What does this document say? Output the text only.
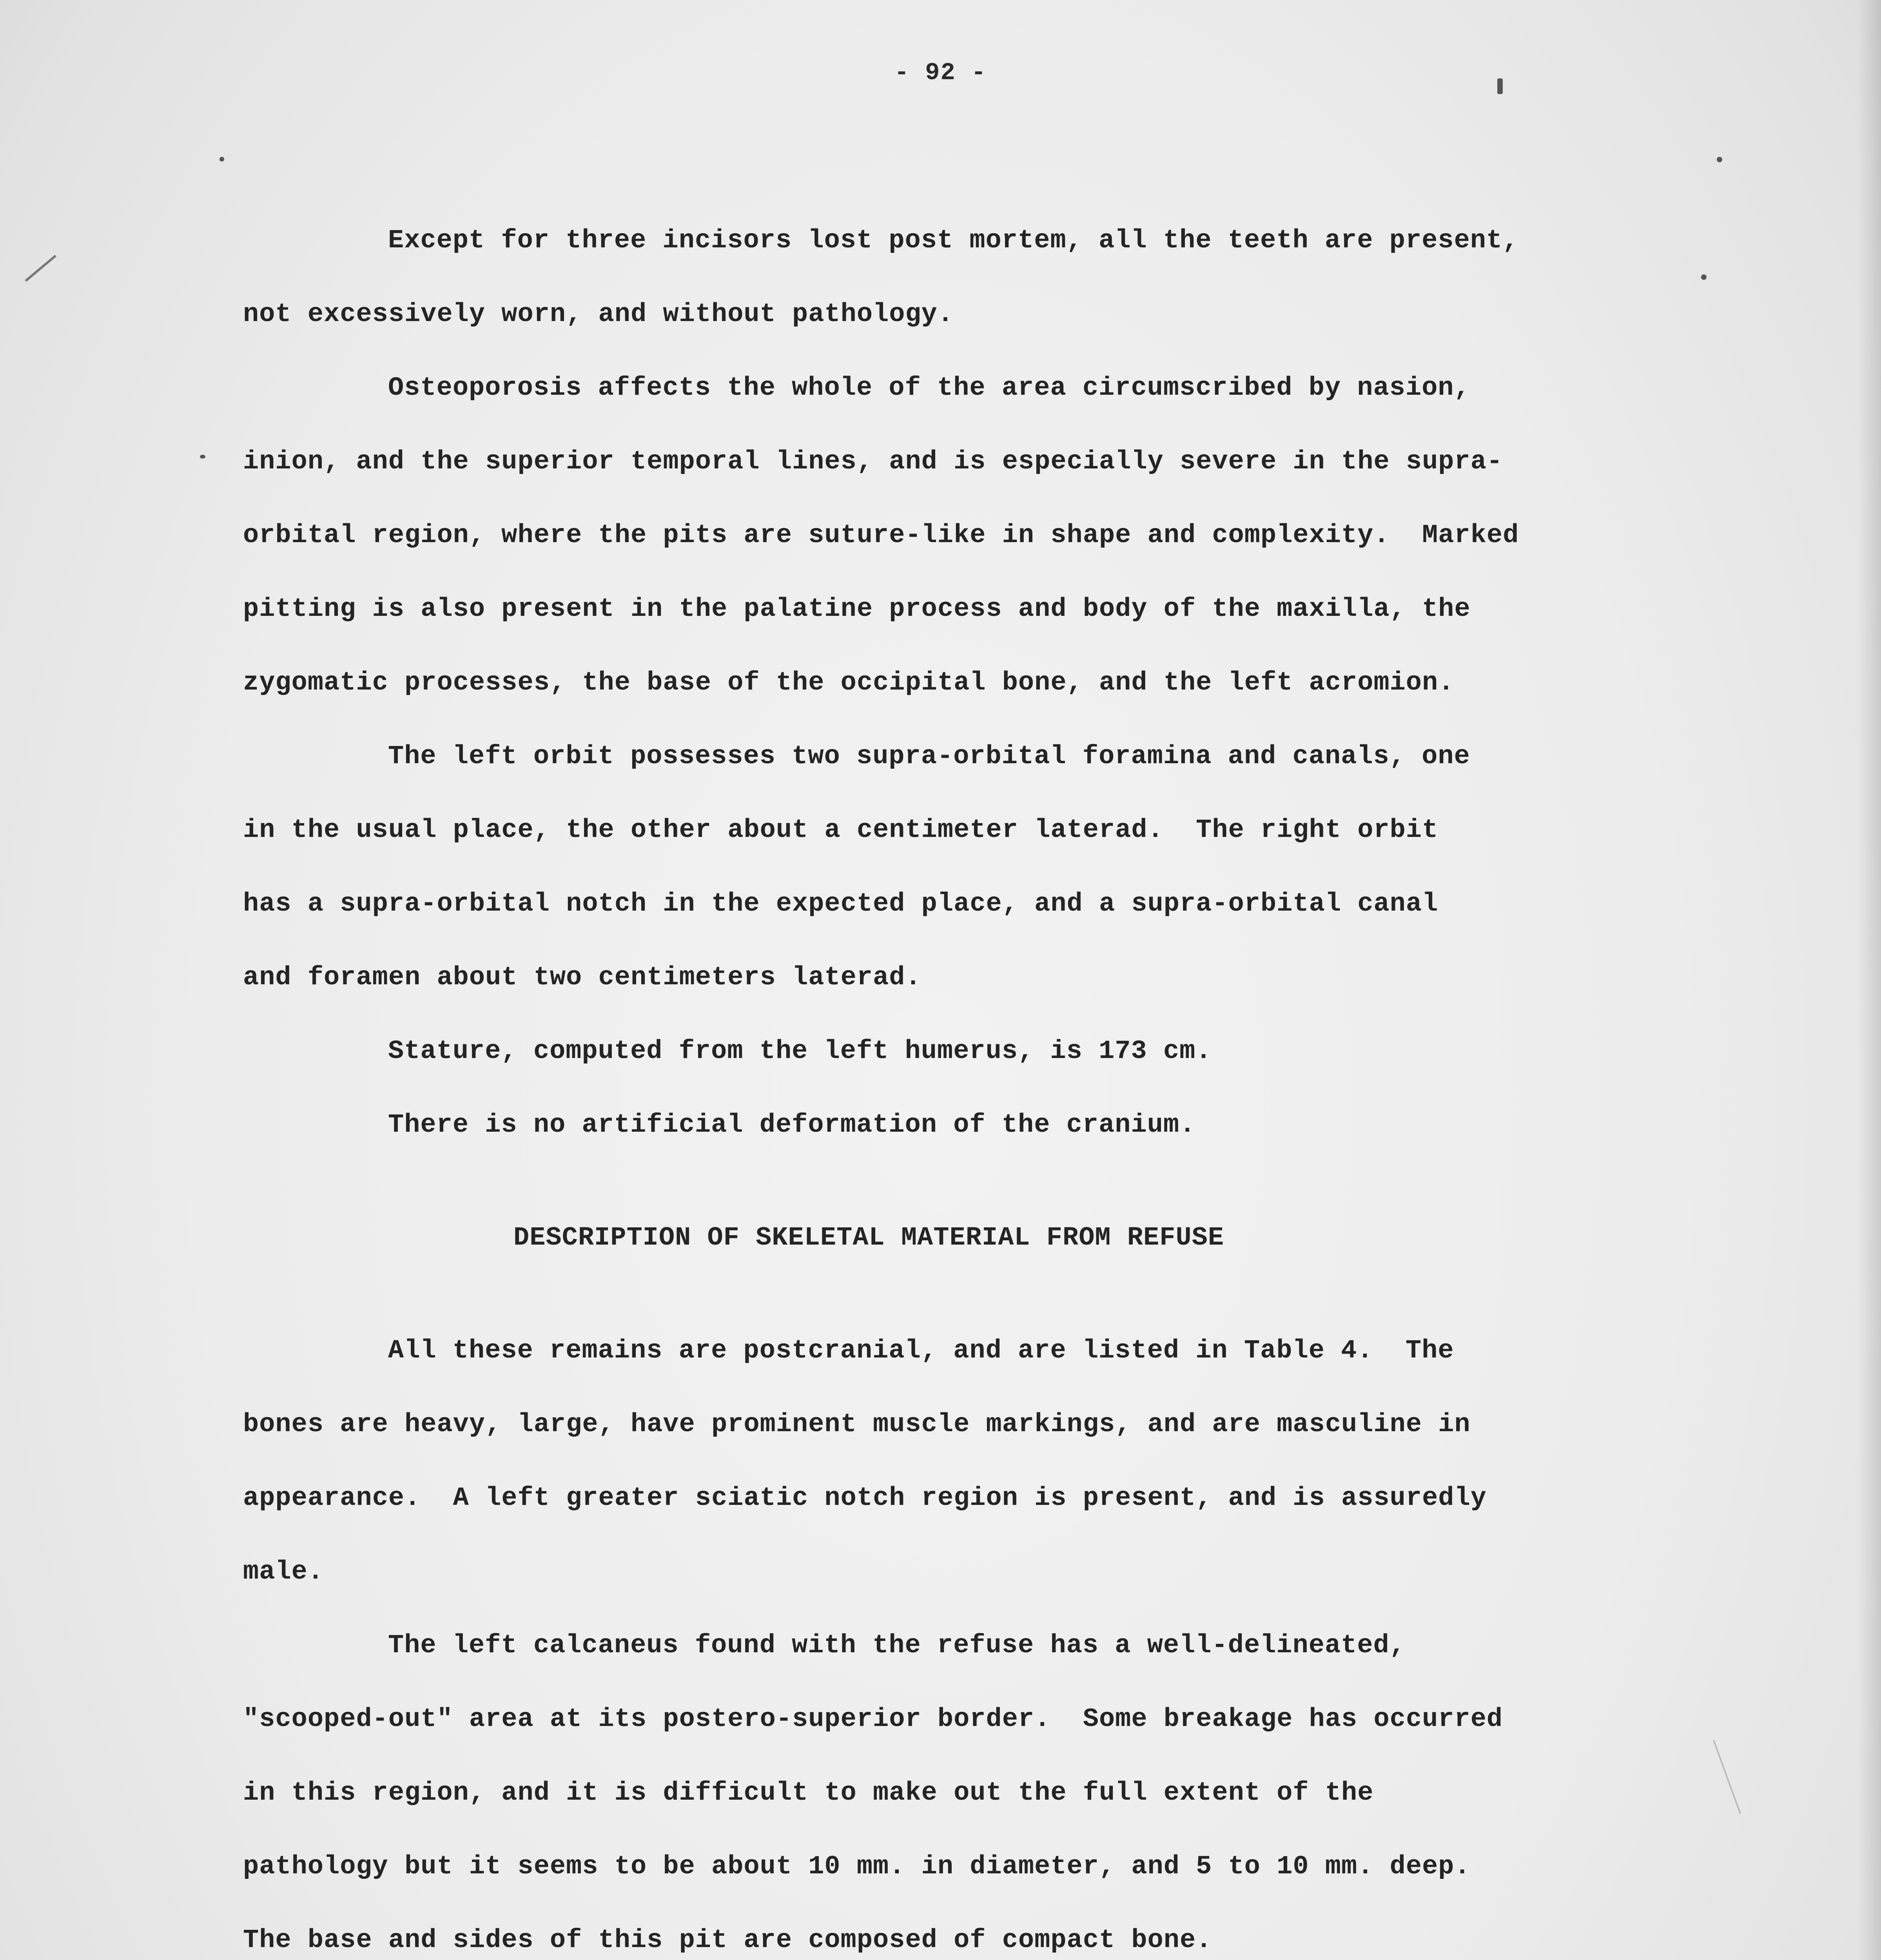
- 92 -
Except for three incisors lost post mortem, all the teeth are present,
not excessively worn, and without pathology.
Osteoporosis affects the whole of the area circumscribed by nasion,
inion, and the superior temporal lines, and is especially severe in the supra-
orbital region, where the pits are suture-like in shape and complexity.  Marked
pitting is also present in the palatine process and body of the maxilla, the
zygomatic processes, the base of the occipital bone, and the left acromion.
The left orbit possesses two supra-orbital foramina and canals, one
in the usual place, the other about a centimeter laterad.  The right orbit
has a supra-orbital notch in the expected place, and a supra-orbital canal
and foramen about two centimeters laterad.
Stature, computed from the left humerus, is 173 cm.
There is no artificial deformation of the cranium.
DESCRIPTION OF SKELETAL MATERIAL FROM REFUSE
All these remains are postcranial, and are listed in Table 4.  The
bones are heavy, large, have prominent muscle markings, and are masculine in
appearance.  A left greater sciatic notch region is present, and is assuredly
male.
The left calcaneus found with the refuse has a well-delineated,
"scooped-out" area at its postero-superior border.  Some breakage has occurred
in this region, and it is difficult to make out the full extent of the
pathology but it seems to be about 10 mm. in diameter, and 5 to 10 mm. deep.
The base and sides of this pit are composed of compact bone.
